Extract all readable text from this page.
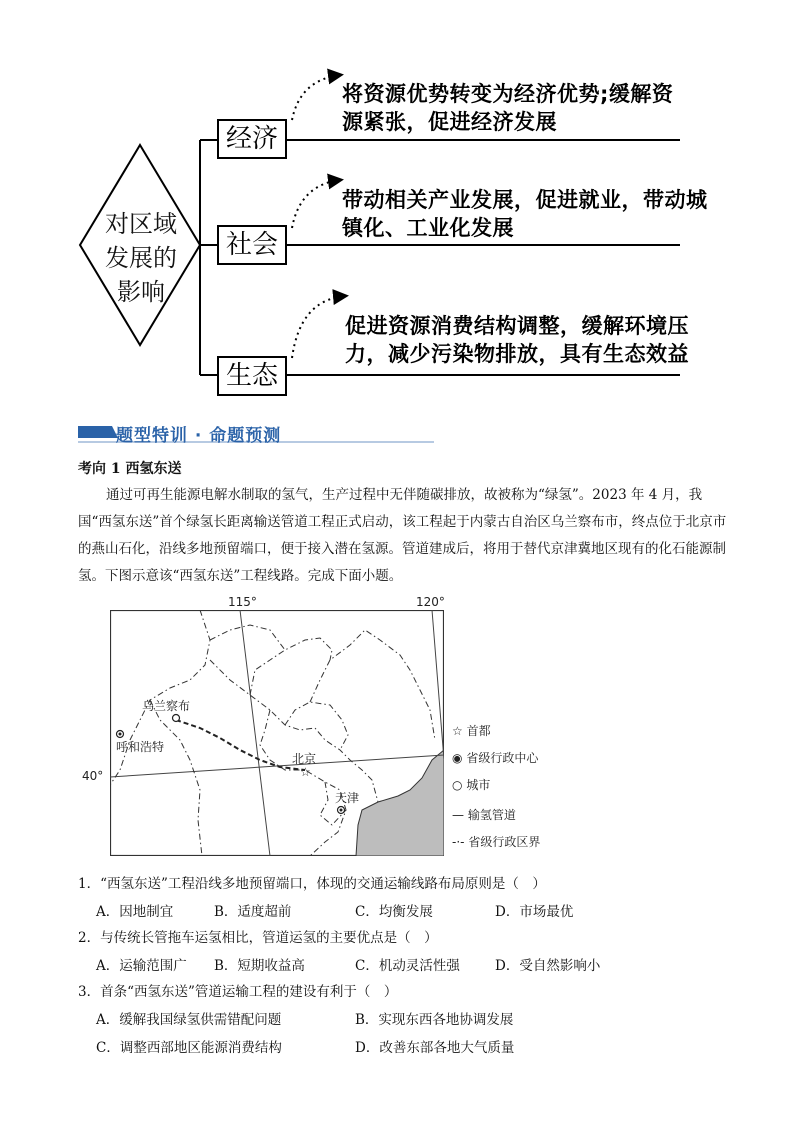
对区域
发展的
影响
经济
社会
生态
将资源优势转变为经济优势;缓解资
源紧张，促进经济发展
带动相关产业发展，促进就业，带动城
镇化、工业化发展
促进资源消费结构调整，缓解环境压
力，减少污染物排放，具有生态效益
题型特训 · 命题预测
考向 1 西氢东送
通过可再生能源电解水制取的氢气，生产过程中无伴随碳排放，故被称为“绿氢”。2023 年 4 月，我国“西氢东送”首个绿氢长距离输送管道工程正式启动，该工程起于内蒙古自治区乌兰察布市，终点位于北京市的燕山石化，沿线多地预留端口，便于接入潜在氢源。管道建成后，将用于替代京津冀地区现有的化石能源制氢。下图示意该“西氢东送”工程线路。完成下面小题。
☆
115°	120°
40°
乌兰察布
呼和浩特
北京
天津
☆ 首都
◉ 省级行政中心
○ 城市
— 输氢管道
-·- 省级行政区界
1．“西氢东送”工程沿线多地预留端口，体现的交通运输线路布局原则是（　）
A．因地制宜	B．适度超前	C．均衡发展	D．市场最优
2．与传统长管拖车运氢相比，管道运氢的主要优点是（　）
A．运输范围广 B．短期收益高	C．机动灵活性强	D．受自然影响小
3．首条“西氢东送”管道运输工程的建设有利于（　）
A．缓解我国绿氢供需错配问题	B．实现东西各地协调发展
C．调整西部地区能源消费结构	D．改善东部各地大气质量
